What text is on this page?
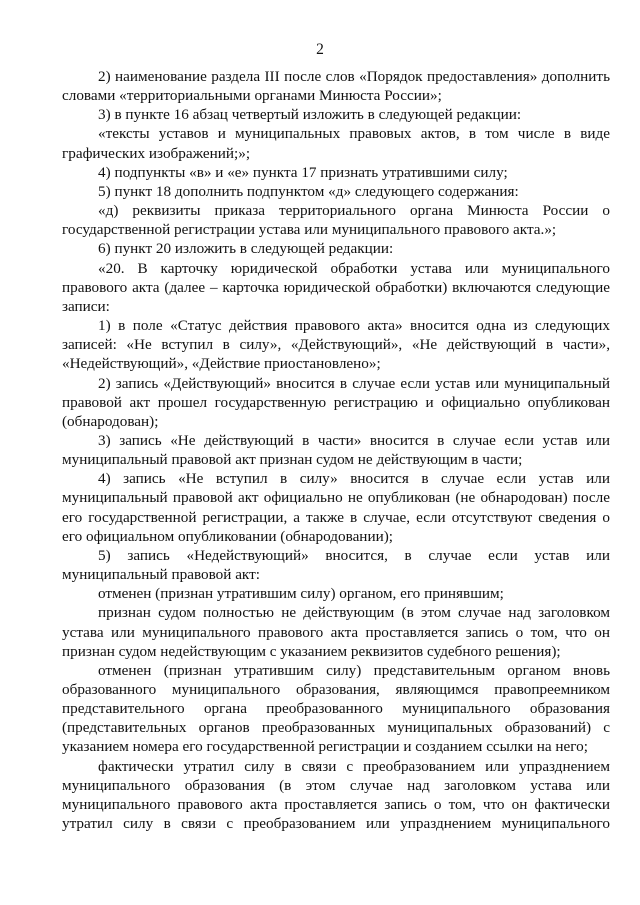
2

2) наименование раздела III после слов «Порядок предоставления» дополнить словами «территориальными органами Минюста России»;

3) в пункте 16 абзац четвертый изложить в следующей редакции:

«тексты уставов и муниципальных правовых актов, в том числе в виде графических изображений;»;

4) подпункты «в» и «е» пункта 17 признать утратившими силу;

5) пункт 18 дополнить подпунктом «д» следующего содержания:

«д) реквизиты приказа территориального органа Минюста России о государственной регистрации устава или муниципального правового акта.»;

6) пункт 20 изложить в следующей редакции:

«20. В карточку юридической обработки устава или муниципального правового акта (далее – карточка юридической обработки) включаются следующие записи:

1) в поле «Статус действия правового акта» вносится одна из следующих записей: «Не вступил в силу», «Действующий», «Не действующий в части», «Недействующий», «Действие приостановлено»;

2) запись «Действующий» вносится в случае если устав или муниципальный правовой акт прошел государственную регистрацию и официально опубликован (обнародован);

3) запись «Не действующий в части» вносится в случае если устав или муниципальный правовой акт признан судом не действующим в части;

4) запись «Не вступил в силу» вносится в случае если устав или муниципальный правовой акт официально не опубликован (не обнародован) после его государственной регистрации, а также в случае, если отсутствуют сведения о его официальном опубликовании (обнародовании);

5) запись «Недействующий» вносится, в случае если устав или муниципальный правовой акт:

отменен (признан утратившим силу) органом, его принявшим;

признан судом полностью не действующим (в этом случае над заголовком устава или муниципального правового акта проставляется запись о том, что он признан судом недействующим с указанием реквизитов судебного решения);

отменен (признан утратившим силу) представительным органом вновь образованного муниципального образования, являющимся правопреемником представительного органа преобразованного муниципального образования (представительных органов преобразованных муниципальных образований) с указанием номера его государственной регистрации и созданием ссылки на него;

фактически утратил силу в связи с преобразованием или упразднением муниципального образования (в этом случае над заголовком устава или муниципального правового акта проставляется запись о том, что он фактически утратил силу в связи с преобразованием или упразднением муниципального
